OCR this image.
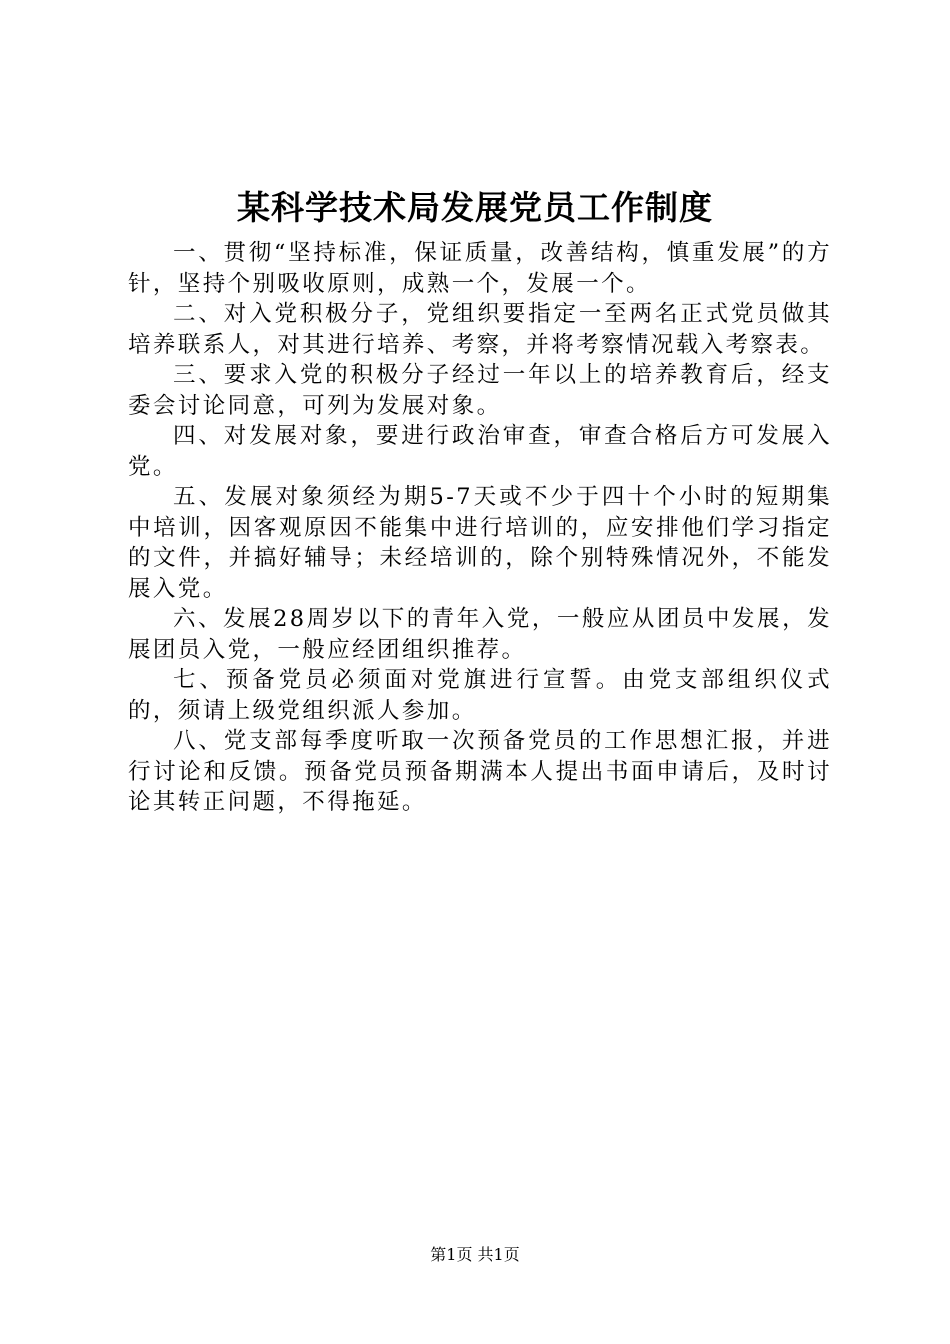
某科学技术局发展党员工作制度

一、贯彻“坚持标准，保证质量，改善结构，慎重发展”的方针，坚持个别吸收原则，成熟一个，发展一个。

二、对入党积极分子，党组织要指定一至两名正式党员做其培养联系人，对其进行培养、考察，并将考察情况载入考察表。

三、要求入党的积极分子经过一年以上的培养教育后，经支委会讨论同意，可列为发展对象。

四、对发展对象，要进行政治审查，审查合格后方可发展入党。

五、发展对象须经为期5-7天或不少于四十个小时的短期集中培训，因客观原因不能集中进行培训的，应安排他们学习指定的文件，并搞好辅导；未经培训的，除个别特殊情况外，不能发展入党。

六、发展28周岁以下的青年入党，一般应从团员中发展，发展团员入党，一般应经团组织推荐。

七、预备党员必须面对党旗进行宣誓。由党支部组织仪式的，须请上级党组织派人参加。

八、党支部每季度听取一次预备党员的工作思想汇报，并进行讨论和反馈。预备党员预备期满本人提出书面申请后，及时讨论其转正问题，不得拖延。

第1页 共1页
